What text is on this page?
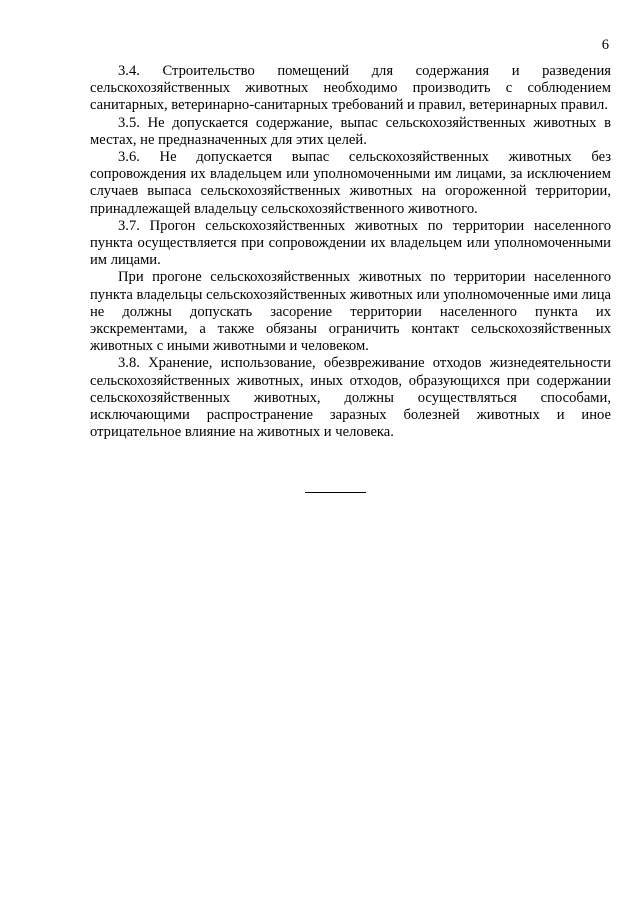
6

3.4. Строительство помещений для содержания и разведения сельскохозяйственных животных необходимо производить с соблюдением санитарных, ветеринарно-санитарных требований и правил, ветеринарных правил.

3.5. Не допускается содержание, выпас сельскохозяйственных животных в местах, не предназначенных для этих целей.

3.6. Не допускается выпас сельскохозяйственных животных без сопровождения их владельцем или уполномоченными им лицами, за исключением случаев выпаса сельскохозяйственных животных на огороженной территории, принадлежащей владельцу сельскохозяйственного животного.

3.7. Прогон сельскохозяйственных животных по территории населенного пункта осуществляется при сопровождении их владельцем или уполномоченными им лицами.

При прогоне сельскохозяйственных животных по территории населенного пункта владельцы сельскохозяйственных животных или уполномоченные ими лица не должны допускать засорение территории населенного пункта их экскрементами, а также обязаны ограничить контакт сельскохозяйственных животных с иными животными и человеком.

3.8. Хранение, использование, обезвреживание отходов жизнедеятельности сельскохозяйственных животных, иных отходов, образующихся при содержании сельскохозяйственных животных, должны осуществляться способами, исключающими распространение заразных болезней животных и иное отрицательное влияние на животных и человека.
